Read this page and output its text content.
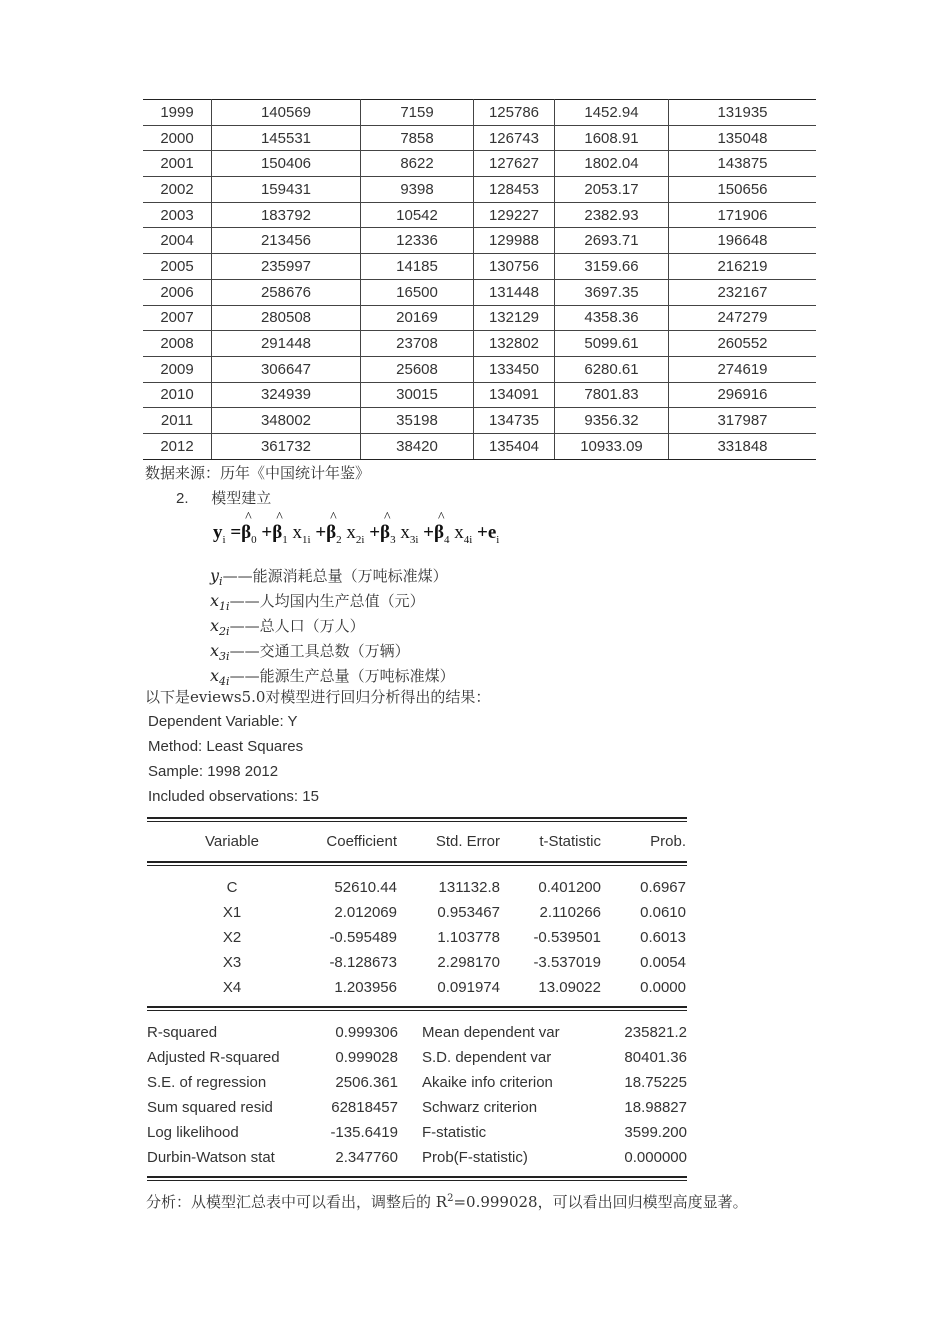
1999	140569	7159	125786	1452.94	131935
2000	145531	7858	126743	1608.91	135048
2001	150406	8622	127627	1802.04	143875
2002	159431	9398	128453	2053.17	150656
2003	183792	10542	129227	2382.93	171906
2004	213456	12336	129988	2693.71	196648
2005	235997	14185	130756	3159.66	216219
2006	258676	16500	131448	3697.35	232167
2007	280508	20169	132129	4358.36	247279
2008	291448	23708	132802	5099.61	260552
2009	306647	25608	133450	6280.61	274619
2010	324939	30015	134091	7801.83	296916
2011	348002	35198	134735	9356.32	317987
2012	361732	38420	135404	10933.09	331848
数据来源：历年《中国统计年鉴》
2. 模型建立
$y_i$ =^ $\beta_0$ +^ $\beta_1$ $x_{1i}$ +^ $\beta_2$ $x_{2i}$ +^ $\beta_3$ $x_{3i}$ +^ $\beta_4$ $x_{4i} +e_i$
$y_i——$能源消耗总量（万吨标准煤）
$x_{1i}——$人均国内生产总值（元）
$x_{2i}——$总人口（万人）
$x_{3i}——$交通工具总数（万辆）
$x_{4i}——$能源生产总量（万吨标准煤）
以下是eviews5.0对模型进行回归分析得出的结果：
Dependent Variable: Y
Method: Least Squares
Sample: 1998 2012
Included observations: 15
Variable	Coefficient	Std. Error	t-Statistic	Prob.
C	52610.44	131132.8	0.401200	0.6967
X1	2.012069	0.953467	2.110266	0.0610
X2	-0.595489	1.103778	-0.539501	0.6013
X3	-8.128673	2.298170	-3.537019	0.0054
X4	1.203956	0.091974	13.09022	0.0000
R-squared	0.999306	Mean dependent var	235821.2
Adjusted R-squared	0.999028	S.D. dependent var	80401.36
S.E. of regression	2506.361	Akaike info criterion	18.75225
Sum squared resid	62818457	Schwarz criterion	18.98827
Log likelihood	-135.6419	F-statistic	3599.200
Durbin-Watson stat	2.347760	Prob(F-statistic)	0.000000
分析：从模型汇总表中可以看出，调整后的 $R^2=0.999028$，可以看出回归模型高度显著。
